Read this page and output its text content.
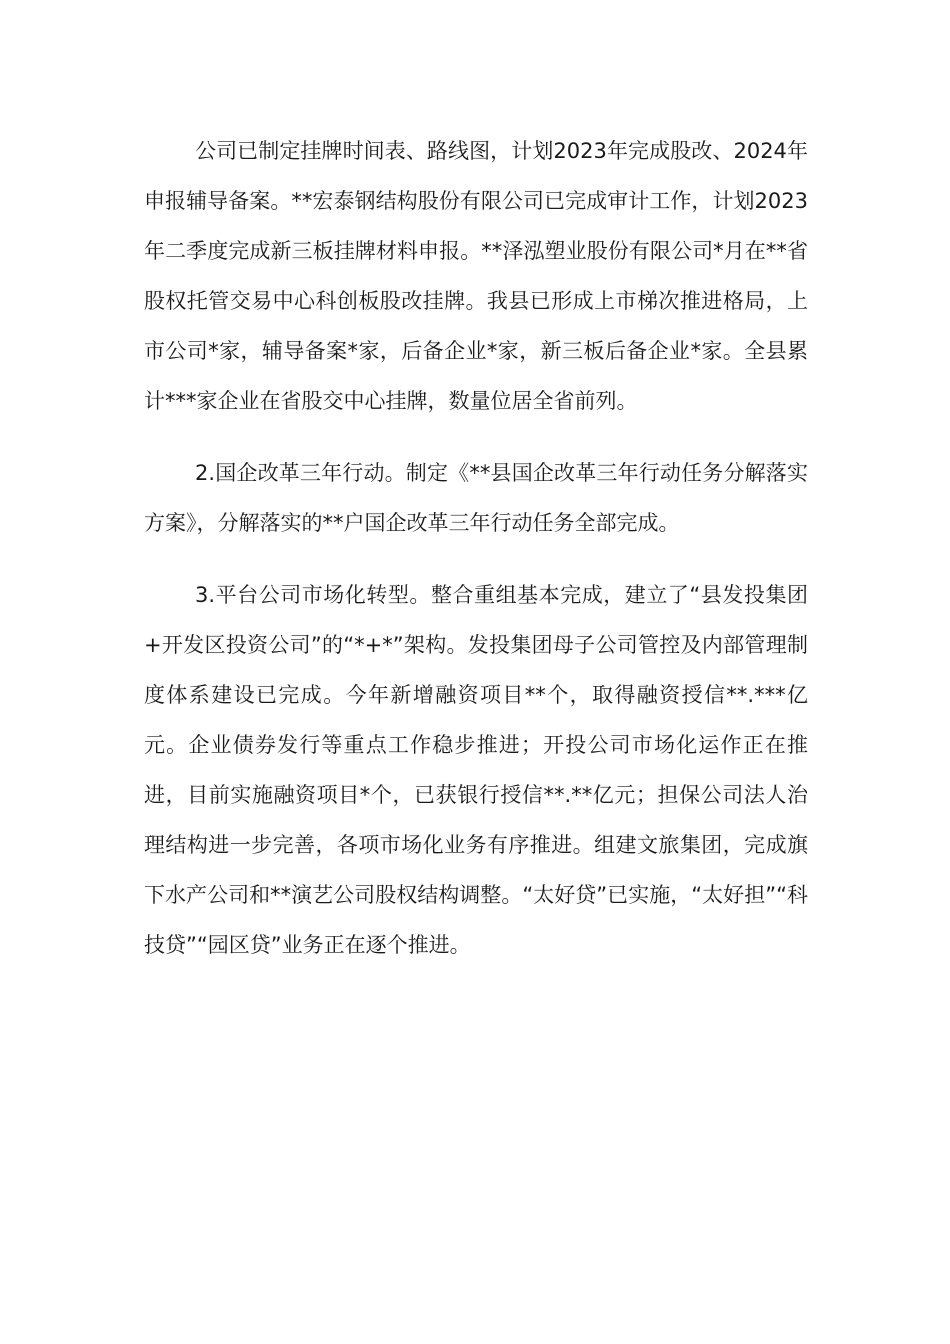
公司已制定挂牌时间表、路线图，计划2023年完成股改、2024年申报辅导备案。**宏泰钢结构股份有限公司已完成审计工作，计划2023年二季度完成新三板挂牌材料申报。**泽泓塑业股份有限公司*月在**省股权托管交易中心科创板股改挂牌。我县已形成上市梯次推进格局，上市公司*家，辅导备案*家，后备企业*家，新三板后备企业*家。全县累计***家企业在省股交中心挂牌，数量位居全省前列。

2.国企改革三年行动。制定《**县国企改革三年行动任务分解落实方案》，分解落实的**户国企改革三年行动任务全部完成。

3.平台公司市场化转型。整合重组基本完成，建立了“县发投集团+开发区投资公司”的“*+*”架构。发投集团母子公司管控及内部管理制度体系建设已完成。今年新增融资项目**个，取得融资授信**.***亿元。企业债券发行等重点工作稳步推进；开投公司市场化运作正在推进，目前实施融资项目*个，已获银行授信**.**亿元；担保公司法人治理结构进一步完善，各项市场化业务有序推进。组建文旅集团，完成旗下水产公司和**演艺公司股权结构调整。“太好贷”已实施，“太好担”“科技贷”“园区贷”业务正在逐个推进。
